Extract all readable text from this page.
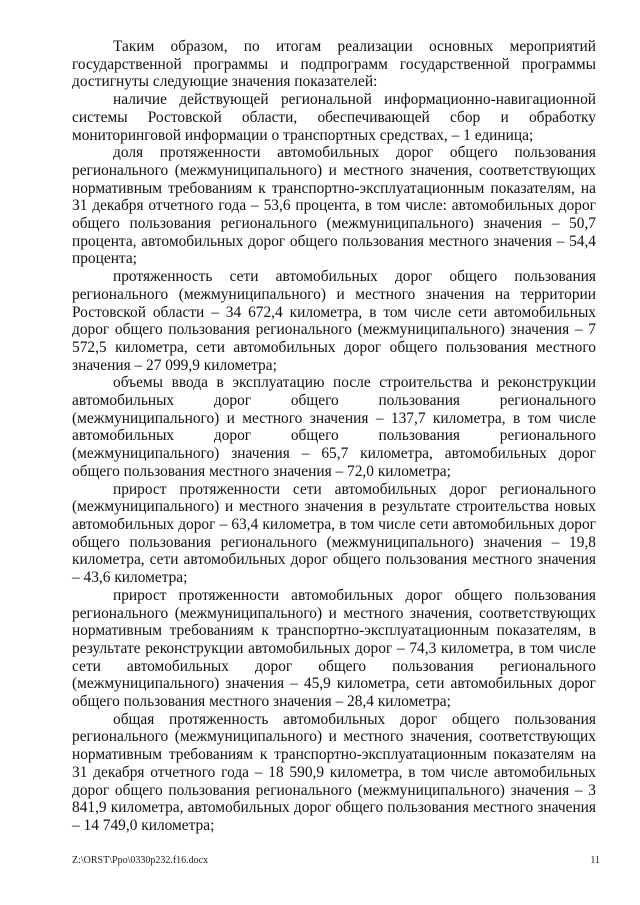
Таким образом, по итогам реализации основных мероприятий государственной программы и подпрограмм государственной программы достигнуты следующие значения показателей:

наличие действующей региональной информационно-навигационной системы Ростовской области, обеспечивающей сбор и обработку мониторинговой информации о транспортных средствах, – 1 единица;

доля протяженности автомобильных дорог общего пользования регионального (межмуниципального) и местного значения, соответствующих нормативным требованиям к транспортно-эксплуатационным показателям, на 31 декабря отчетного года – 53,6 процента, в том числе: автомобильных дорог общего пользования регионального (межмуниципального) значения – 50,7 процента, автомобильных дорог общего пользования местного значения – 54,4 процента;

протяженность сети автомобильных дорог общего пользования регионального (межмуниципального) и местного значения на территории Ростовской области – 34 672,4 километра, в том числе сети автомобильных дорог общего пользования регионального (межмуниципального) значения – 7 572,5 километра, сети автомобильных дорог общего пользования местного значения – 27 099,9 километра;

объемы ввода в эксплуатацию после строительства и реконструкции автомобильных дорог общего пользования регионального (межмуниципального) и местного значения – 137,7 километра, в том числе автомобильных дорог общего пользования регионального (межмуниципального) значения – 65,7 километра, автомобильных дорог общего пользования местного значения – 72,0 километра;

прирост протяженности сети автомобильных дорог регионального (межмуниципального) и местного значения в результате строительства новых автомобильных дорог – 63,4 километра, в том числе сети автомобильных дорог общего пользования регионального (межмуниципального) значения – 19,8 километра, сети автомобильных дорог общего пользования местного значения – 43,6 километра;

прирост протяженности автомобильных дорог общего пользования регионального (межмуниципального) и местного значения, соответствующих нормативным требованиям к транспортно-эксплуатационным показателям, в результате реконструкции автомобильных дорог – 74,3 километра, в том числе сети автомобильных дорог общего пользования регионального (межмуниципального) значения – 45,9 километра, сети автомобильных дорог общего пользования местного значения – 28,4 километра;

общая протяженность автомобильных дорог общего пользования регионального (межмуниципального) и местного значения, соответствующих нормативным требованиям к транспортно-эксплуатационным показателям на 31 декабря отчетного года – 18 590,9 километра, в том числе автомобильных дорог общего пользования регионального (межмуниципального) значения – 3 841,9 километра, автомобильных дорог общего пользования местного значения – 14 749,0 километра;

Z:\ORST\Ppo\0330p232.f16.docx	11
